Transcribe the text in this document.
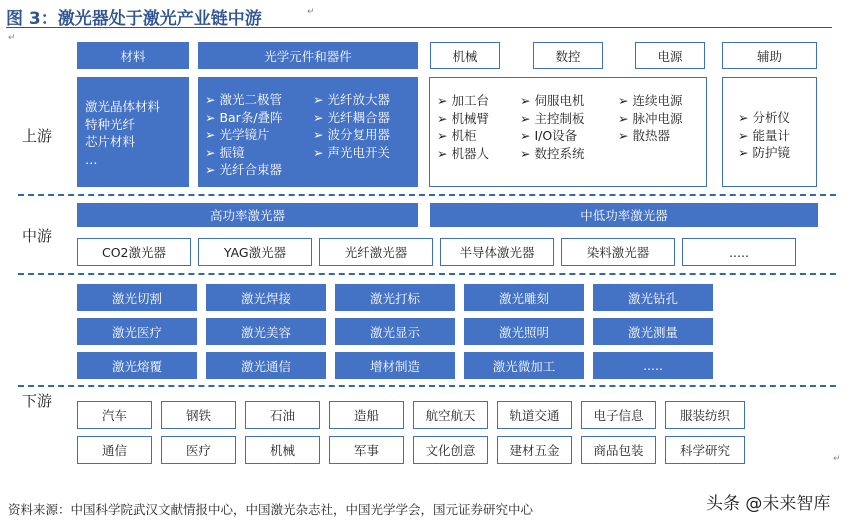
图 3：激光器处于激光产业链中游	↵
↵
上游
中游
下游
材料	光学元件和器件	机械	数控	电源	辅助
激光晶体材料
特种光纤
芯片材料
…
➢ 激光二极管
➢ Bar条/叠阵
➢ 光学镜片
➢ 振镜
➢ 光纤合束器
➢ 光纤放大器
➢ 光纤耦合器
➢ 波分复用器
➢ 声光电开关
➢ 加工台
➢ 机械臂
➢ 机柜
➢ 机器人
➢ 伺服电机
➢ 主控制板
➢ I/O设备
➢ 数控系统
➢ 连续电源
➢ 脉冲电源
➢ 散热器
➢ 分析仪
➢ 能量计
➢ 防护镜
高功率激光器	中低功率激光器
CO2激光器	YAG激光器	光纤激光器	半导体激光器	染料激光器	.....
激光切割	激光焊接	激光打标	激光雕刻	激光钻孔
激光医疗	激光美容	激光显示	激光照明	激光测量
激光熔覆	激光通信	增材制造	激光微加工	.....
汽车	钢铁	石油	造船	航空航天	轨道交通	电子信息	服装纺织
通信	医疗	机械	军事	文化创意	建材五金	商品包装	科学研究
↵
资料来源：中国科学院武汉文献情报中心，中国激光杂志社，中国光学学会，国元证券研究中心	头条 @未来智库
